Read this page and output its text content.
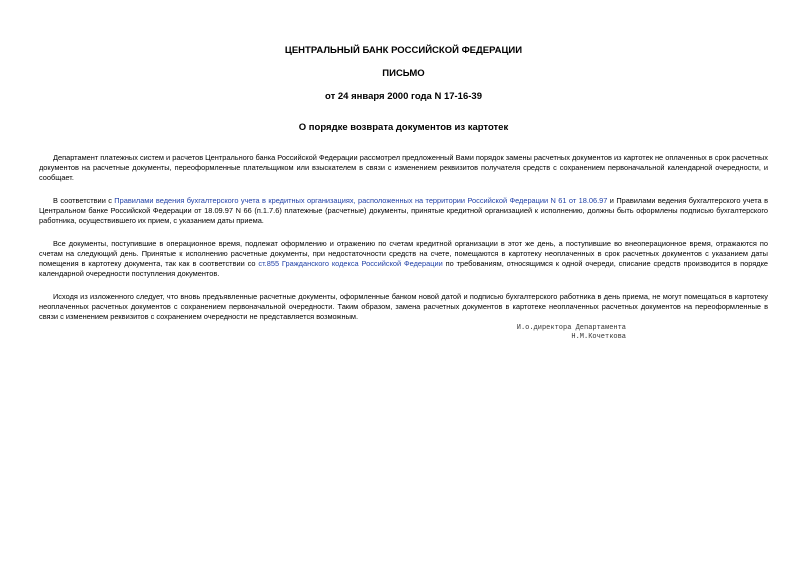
ЦЕНТРАЛЬНЫЙ БАНК РОССИЙСКОЙ ФЕДЕРАЦИИ
ПИСЬМО
от 24 января 2000 года N 17-16-39
О порядке возврата документов из картотек

Департамент платежных систем и расчетов Центрального банка Российской Федерации рассмотрел предложенный Вами порядок замены расчетных документов из картотек не оплаченных в срок расчетных документов на расчетные документы, переоформленные плательщиком или взыскателем в связи с изменением реквизитов получателя средств с сохранением первоначальной календарной очередности, и сообщает.

В соответствии с Правилами ведения бухгалтерского учета в кредитных организациях, расположенных на территории Российской Федерации N 61 от 18.06.97 и Правилами ведения бухгалтерского учета в Центральном банке Российской Федерации от 18.09.97 N 66 (п.1.7.6) платежные (расчетные) документы, принятые кредитной организацией к исполнению, должны быть оформлены подписью бухгалтерского работника, осуществившего их прием, с указанием даты приема.

Все документы, поступившие в операционное время, подлежат оформлению и отражению по счетам кредитной организации в этот же день, а поступившие во внеоперационное время, отражаются по счетам на следующий день. Принятые к исполнению расчетные документы, при недостаточности средств на счете, помещаются в картотеку неоплаченных в срок расчетных документов с указанием даты помещения в картотеку документа, так как в соответствии со ст.855 Гражданского кодекса Российской Федерации по требованиям, относящимся к одной очереди, списание средств производится в порядке календарной очередности поступления документов.

Исходя из изложенного следует, что вновь предъявленные расчетные документы, оформленные банком новой датой и подписью бухгалтерского работника в день приема, не могут помещаться в картотеку неоплаченных расчетных документов с сохранением первоначальной очередности. Таким образом, замена расчетных документов в картотеке неоплаченных расчетных документов на переоформленные в связи с изменением реквизитов с сохранением очередности не представляется возможным.

И.о.директора Департамента
Н.М.Кочеткова
